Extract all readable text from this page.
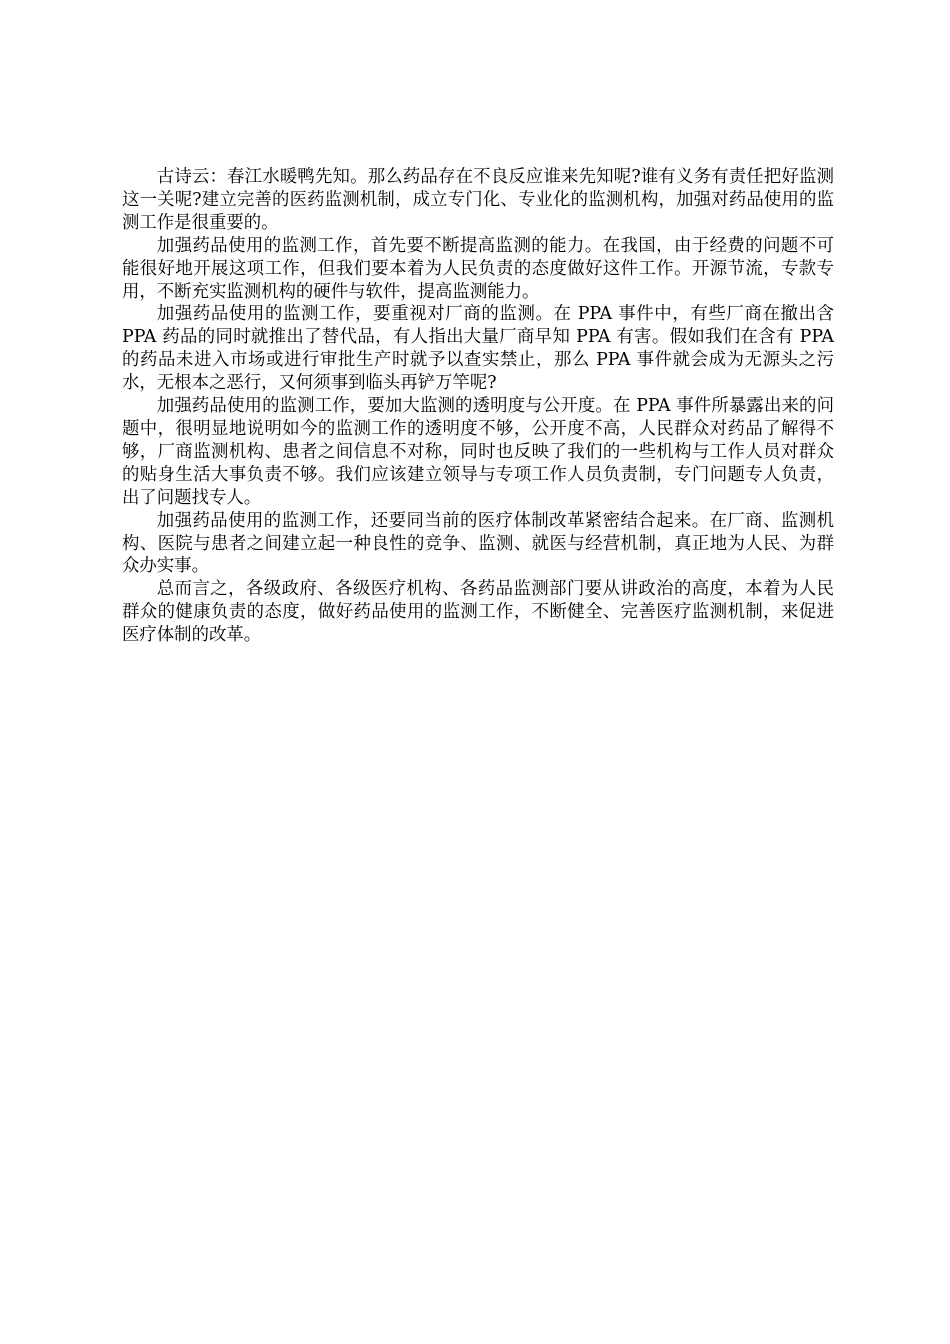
古诗云：春江水暖鸭先知。那么药品存在不良反应谁来先知呢?谁有义务有责任把好监测这一关呢?建立完善的医药监测机制，成立专门化、专业化的监测机构，加强对药品使用的监测工作是很重要的。

加强药品使用的监测工作，首先要不断提高监测的能力。在我国，由于经费的问题不可能很好地开展这项工作，但我们要本着为人民负责的态度做好这件工作。开源节流，专款专用，不断充实监测机构的硬件与软件，提高监测能力。

加强药品使用的监测工作，要重视对厂商的监测。在 PPA 事件中，有些厂商在撤出含 PPA 药品的同时就推出了替代品，有人指出大量厂商早知 PPA 有害。假如我们在含有 PPA 的药品未进入市场或进行审批生产时就予以查实禁止，那么 PPA 事件就会成为无源头之污水，无根本之恶行，又何须事到临头再铲万竿呢?

加强药品使用的监测工作，要加大监测的透明度与公开度。在 PPA 事件所暴露出来的问题中，很明显地说明如今的监测工作的透明度不够，公开度不高，人民群众对药品了解得不够，厂商监测机构、患者之间信息不对称，同时也反映了我们的一些机构与工作人员对群众的贴身生活大事负责不够。我们应该建立领导与专项工作人员负责制，专门问题专人负责，出了问题找专人。

加强药品使用的监测工作，还要同当前的医疗体制改革紧密结合起来。在厂商、监测机构、医院与患者之间建立起一种良性的竞争、监测、就医与经营机制，真正地为人民、为群众办实事。

总而言之，各级政府、各级医疗机构、各药品监测部门要从讲政治的高度，本着为人民群众的健康负责的态度，做好药品使用的监测工作，不断健全、完善医疗监测机制，来促进医疗体制的改革。
